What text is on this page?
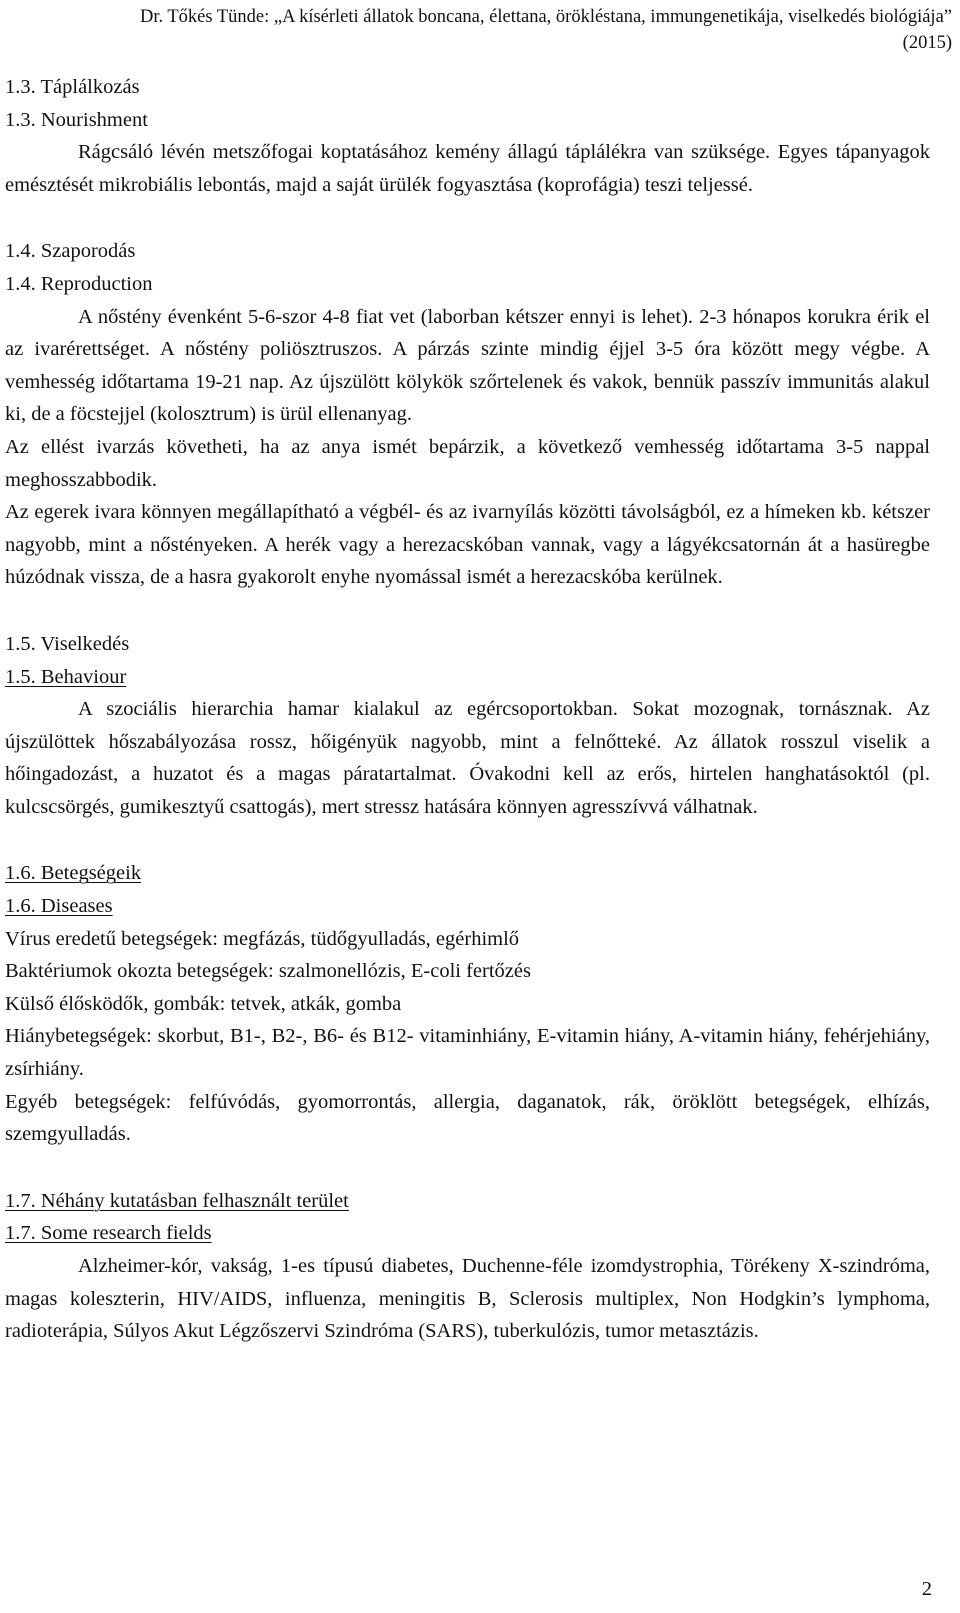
Dr. Tőkés Tünde: „A kísérleti állatok boncana, élettana, örökléstana, immungenetikája, viselkedés biológiája”
(2015)
1.3. Táplálkozás
1.3. Nourishment

Rágcsáló lévén metszőfogai koptatásához kemény állagú táplálékra van szüksége. Egyes tápanyagok emésztését mikrobiális lebontás, majd a saját ürülék fogyasztása (koprofágia) teszi teljessé.

1.4. Szaporodás
1.4. Reproduction

A nőstény évenként 5-6-szor 4-8 fiat vet (laborban kétszer ennyi is lehet). 2-3 hónapos korukra érik el az ivarérettséget. A nőstény poliösztruszos. A párzás szinte mindig éjjel 3-5 óra között megy végbe. A vemhesség időtartama 19-21 nap. Az újszülött kölykök szőrtelenek és vakok, bennük passzív immunitás alakul ki, de a föcstejjel (kolosztrum) is ürül ellenanyag.

Az ellést ivarzás követheti, ha az anya ismét bepárzik, a következő vemhesség időtartama 3-5 nappal meghosszabbodik.

Az egerek ivara könnyen megállapítható a végbél- és az ivarnyílás közötti távolságból, ez a hímeken kb. kétszer nagyobb, mint a nőstényeken. A herék vagy a herezacskóban vannak, vagy a lágyékcsatornán át a hasüregbe húzódnak vissza, de a hasra gyakorolt enyhe nyomással ismét a herezacskóba kerülnek.

1.5. Viselkedés
1.5. Behaviour

A szociális hierarchia hamar kialakul az egércsoportokban. Sokat mozognak, tornásznak. Az újszülöttek hőszabályozása rossz, hőigényük nagyobb, mint a felnőtteké. Az állatok rosszul viselik a hőingadozást, a huzatot és a magas páratartalmat. Óvakodni kell az erős, hirtelen hanghatásoktól (pl. kulcscsörgés, gumikesztyű csattogás), mert stressz hatására könnyen agresszívvá válhatnak.

1.6. Betegségeik
1.6. Diseases

Vírus eredetű betegségek: megfázás, tüdőgyulladás, egérhimlő

Baktériumok okozta betegségek: szalmonellózis, E-coli fertőzés

Külső élősködők, gombák: tetvek, atkák, gomba

Hiánybetegségek: skorbut, B1-, B2-, B6- és B12- vitaminhiány, E-vitamin hiány, A-vitamin hiány, fehérjehiány, zsírhiány.

Egyéb betegségek: felfúvódás, gyomorrontás, allergia, daganatok, rák, öröklött betegségek, elhízás, szemgyulladás.

1.7. Néhány kutatásban felhasznált terület
1.7. Some research fields

Alzheimer-kór, vakság, 1-es típusú diabetes, Duchenne-féle izomdystrophia, Törékeny X-szindróma, magas koleszterin, HIV/AIDS, influenza, meningitis B, Sclerosis multiplex, Non Hodgkin’s lymphoma, radioterápia, Súlyos Akut Légzőszervi Szindróma (SARS), tuberkulózis, tumor metasztázis.

2
